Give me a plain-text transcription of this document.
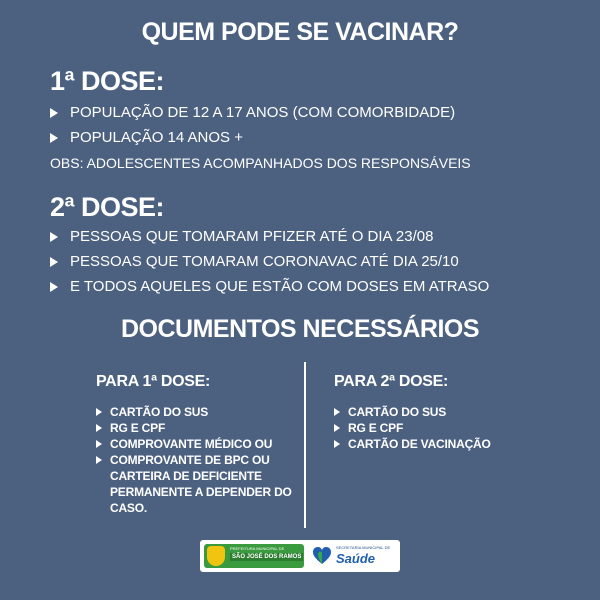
QUEM PODE SE VACINAR?
1ª DOSE:
POPULAÇÃO DE 12 A 17 ANOS (COM COMORBIDADE)
POPULAÇÃO 14 ANOS +
OBS: ADOLESCENTES ACOMPANHADOS DOS RESPONSÁVEIS
2ª DOSE:
PESSOAS QUE TOMARAM PFIZER ATÉ O DIA 23/08
PESSOAS QUE TOMARAM CORONAVAC ATÉ DIA 25/10
E TODOS AQUELES QUE ESTÃO COM DOSES EM ATRASO
DOCUMENTOS NECESSÁRIOS
PARA 1ª DOSE:
CARTÃO DO SUS
RG E CPF
COMPROVANTE MÉDICO OU
COMPROVANTE DE BPC OU CARTEIRA DE DEFICIENTE PERMANENTE A DEPENDER DO CASO.
PARA 2ª DOSE:
CARTÃO DO SUS
RG E CPF
CARTÃO DE VACINAÇÃO
PREFEITURA MUNICIPAL DE
SÃO JOSÉ DOS RAMOS
SECRETARIA MUNICIPAL DE
Saúde
